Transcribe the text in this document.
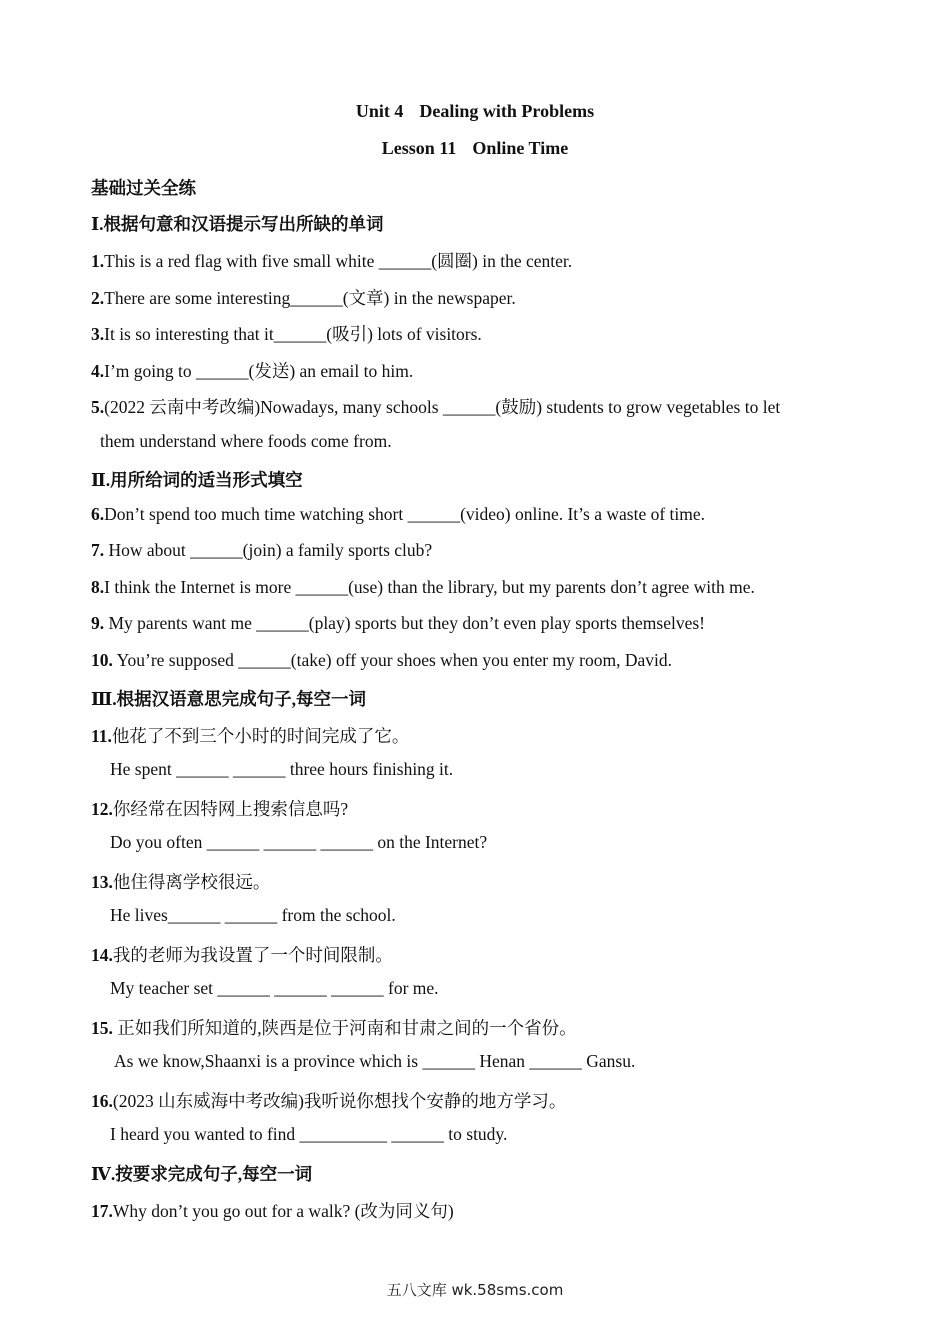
Unit 4 Dealing with Problems
Lesson 11 Online Time
基础过关全练
Ⅰ.根据句意和汉语提示写出所缺的单词
1.This is a red flag with five small white ______(圆圈) in the center.
2.There are some interesting______(文章) in the newspaper.
3.It is so interesting that it______(吸引) lots of visitors.
4.I’m going to ______(发送) an email to him.
5.(2022 云南中考改编)Nowadays, many schools ______(鼓励) students to grow vegetables to let
them understand where foods come from.
Ⅱ.用所给词的适当形式填空
6.Don’t spend too much time watching short ______(video) online. It’s a waste of time.
7. How about ______(join) a family sports club?
8.I think the Internet is more ______(use) than the library, but my parents don’t agree with me.
9. My parents want me ______(play) sports but they don’t even play sports themselves!
10. You’re supposed ______(take) off your shoes when you enter my room, David.
Ⅲ.根据汉语意思完成句子,每空一词
11.他花了不到三个小时的时间完成了它。
He spent ______ ______ three hours finishing it.
12.你经常在因特网上搜索信息吗?
Do you often ______ ______ ______ on the Internet?
13.他住得离学校很远。
He lives______ ______ from the school.
14.我的老师为我设置了一个时间限制。
My teacher set ______ ______ ______ for me.
15. 正如我们所知道的,陕西是位于河南和甘肃之间的一个省份。
As we know,Shaanxi is a province which is ______ Henan ______ Gansu.
16.(2023 山东威海中考改编)我听说你想找个安静的地方学习。
I heard you wanted to find __________ ______ to study.
Ⅳ.按要求完成句子,每空一词
17.Why don’t you go out for a walk? (改为同义句)
五八文库 wk.58sms.com
